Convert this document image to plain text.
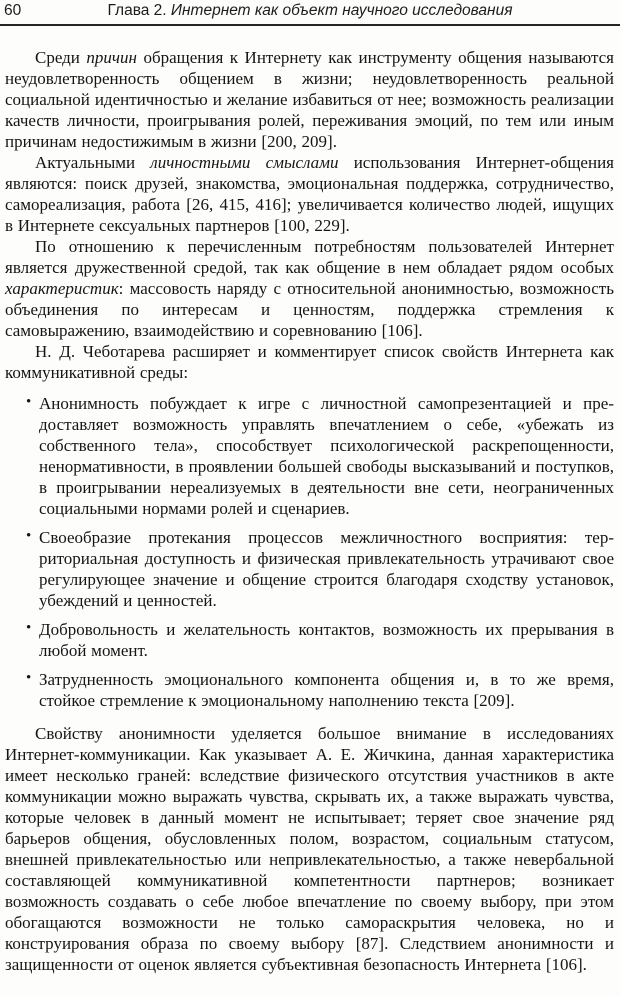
60	Глава 2. Интернет как объект научного исследования

Среди причин обращения к Интернету как инструменту общения называются неудовлетворенность общением в жизни; неудовлетворенность реальной социальной идентичностью и желание избавиться от нее; возможность реализации качеств личности, проигрывания ролей, переживания эмоций, по тем или иным причинам недостижимым в жизни [200, 209].

Актуальными личностными смыслами использования Интернет-общения являются: поиск друзей, знакомства, эмоциональная поддержка, сотрудничество, самореализация, работа [26, 415, 416]; увеличивается количество людей, ищущих в Интернете сексуальных партнеров [100, 229].

По отношению к перечисленным потребностям пользователей Интернет является дружественной средой, так как общение в нем обладает рядом особых характеристик: массовость наряду с относительной анонимностью, возможность объединения по интересам и ценностям, поддержка стремления к самовыражению, взаимодействию и соревнованию [106].

Н. Д. Чеботарева расширяет и комментирует список свойств Интернета как коммуникативной среды:

• Анонимность побуждает к игре с личностной самопрезентацией и предоставляет возможность управлять впечатлением о себе, «убежать из собственного тела», способствует психологической раскрепощенности, ненормативности, в проявлении большей свободы высказываний и поступков, в проигрывании нереализуемых в деятельности вне сети, неограниченных социальными нормами ролей и сценариев.
• Своеобразие протекания процессов межличностного восприятия: территориальная доступность и физическая привлекательность утрачивают свое регулирующее значение и общение строится благодаря сходству установок, убеждений и ценностей.
• Добровольность и желательность контактов, возможность их прерывания в любой момент.
• Затрудненность эмоционального компонента общения и, в то же время, стойкое стремление к эмоциональному наполнению текста [209].

Свойству анонимности уделяется большое внимание в исследованиях Интернет-коммуникации. Как указывает А. Е. Жичкина, данная характеристика имеет несколько граней: вследствие физического отсутствия участников в акте коммуникации можно выражать чувства, скрывать их, а также выражать чувства, которые человек в данный момент не испытывает; теряет свое значение ряд барьеров общения, обусловленных полом, возрастом, социальным статусом, внешней привлекательностью или непривлекательностью, а также невербальной составляющей коммуникативной компетентности партнеров; возникает возможность создавать о себе любое впечатление по своему выбору, при этом обогащаются возможности не только самораскрытия человека, но и конструирования образа по своему выбору [87]. Следствием анонимности и защищенности от оценок является субъективная безопасность Интернета [106].
